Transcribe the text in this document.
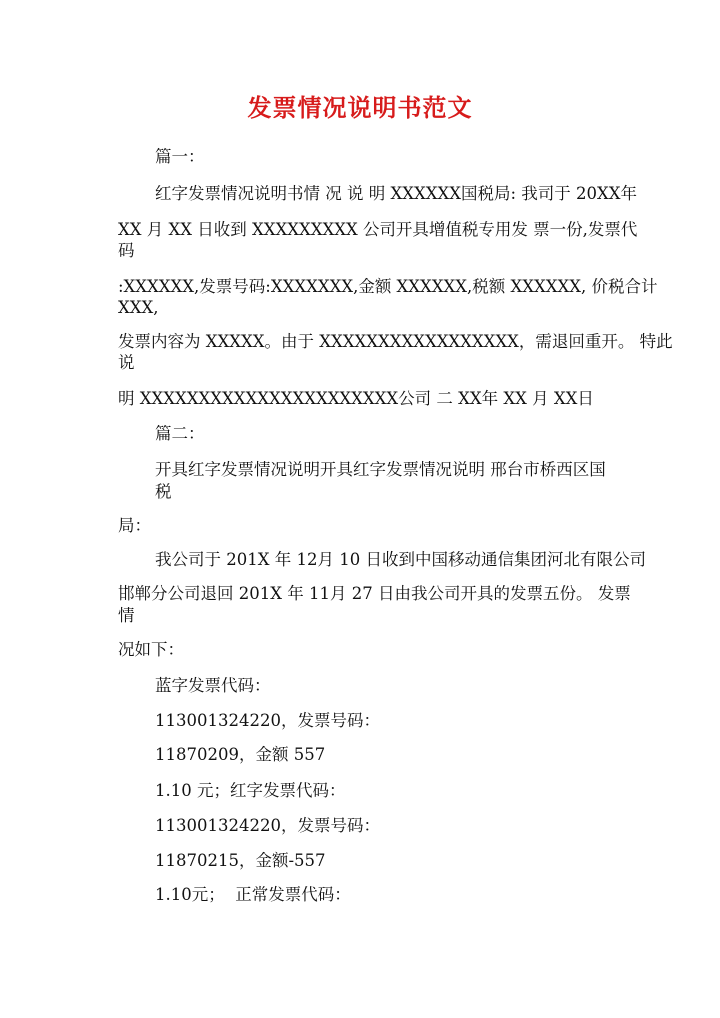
发票情况说明书范文
篇一：
红字发票情况说明书情 况 说 明 XXXXXX国税局: 我司于 20XX年
XX 月 XX 日收到 XXXXXXXXX 公司开具增值税专用发 票一份,发票代
码
:XXXXXX,发票号码:XXXXXXX,金额 XXXXXX,税额 XXXXXX, 价税合计
XXX,
发票内容为 XXXXX。由于 XXXXXXXXXXXXXXXXX，需退回重开。 特此
说
明 XXXXXXXXXXXXXXXXXXXXXX公司 二 XX年 XX 月 XX日
篇二：
开具红字发票情况说明开具红字发票情况说明 邢台市桥西区国
税
局：
我公司于 201X 年 12月 10 日收到中国移动通信集团河北有限公司
邯郸分公司退回 201X 年 11月 27 日由我公司开具的发票五份。 发票
情
况如下：
蓝字发票代码：
113001324220，发票号码：
11870209，金额 557
1.10 元；红字发票代码：
113001324220，发票号码：
11870215，金额-557
1.10元；  正常发票代码：
